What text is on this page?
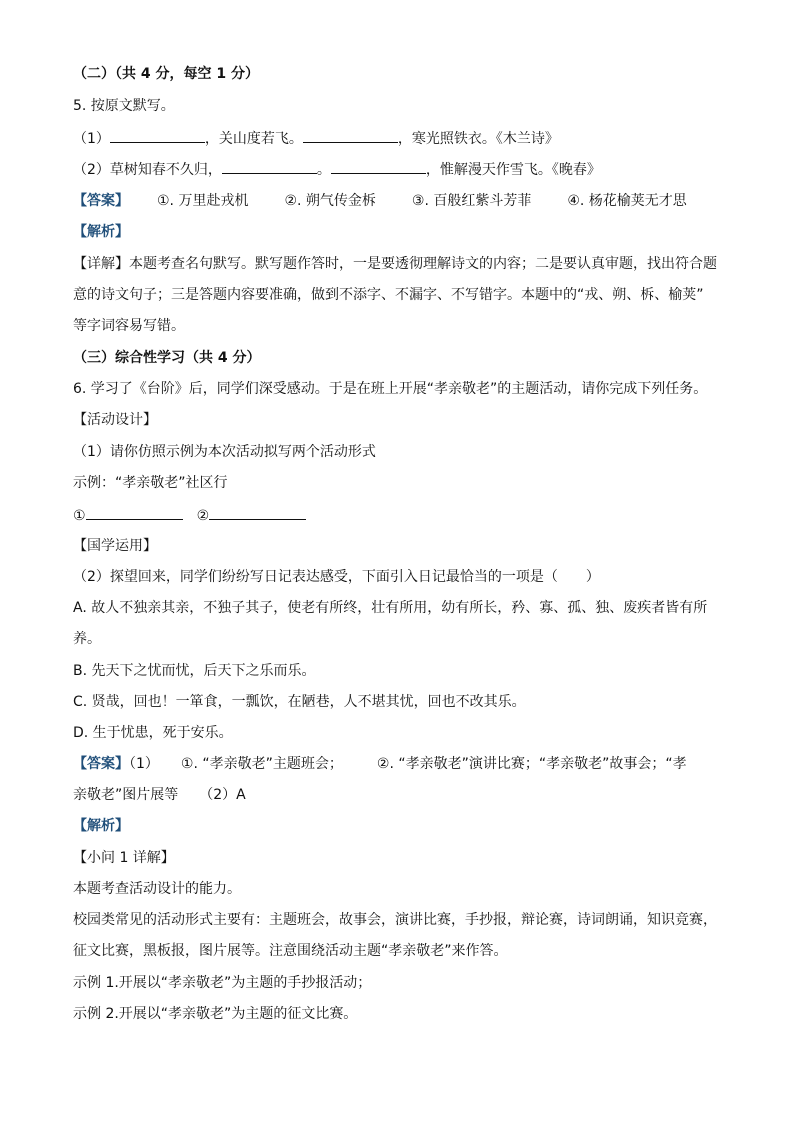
（二）（共 4 分，每空 1 分）
5. 按原文默写。
（1）	，关山度若飞。	，寒光照铁衣。《木兰诗》
（2）草树知春不久归，	。	，惟解漫天作雪飞。《晚春》
【答案】 ①. 万里赴戎机	②. 朔气传金柝	③. 百般红紫斗芳菲	④. 杨花榆荚无才思
【解析】
【详解】本题考查名句默写。默写题作答时，一是要透彻理解诗文的内容；二是要认真审题，找出符合题
意的诗文句子；三是答题内容要准确，做到不添字、不漏字、不写错字。本题中的“戎、朔、柝、榆荚”
等字词容易写错。
（三）综合性学习（共 4 分）
6. 学习了《台阶》后，同学们深受感动。于是在班上开展“孝亲敬老”的主题活动，请你完成下列任务。
【活动设计】
（1）请你仿照示例为本次活动拟写两个活动形式
示例：“孝亲敬老”社区行
①	②
【国学运用】
（2）探望回来，同学们纷纷写日记表达感受，下面引入日记最恰当的一项是（　　）
A. 故人不独亲其亲，不独子其子，使老有所终，壮有所用，幼有所长，矜、寡、孤、独、废疾者皆有所
养。
B. 先天下之忧而忧，后天下之乐而乐。
C. 贤哉，回也！一箪食，一瓢饮，在陋巷，人不堪其忧，回也不改其乐。
D. 生于忧患，死于安乐。
【答案】（1） ①. “孝亲敬老”主题班会； ②. “孝亲敬老”演讲比赛；“孝亲敬老”故事会；“孝
亲敬老”图片展等　　（2）A
【解析】
【小问 1 详解】
本题考查活动设计的能力。
校园类常见的活动形式主要有：主题班会，故事会，演讲比赛，手抄报，辩论赛，诗词朗诵，知识竞赛，
征文比赛，黑板报，图片展等。注意围绕活动主题“孝亲敬老”来作答。
示例 1.开展以“孝亲敬老”为主题的手抄报活动；
示例 2.开展以“孝亲敬老”为主题的征文比赛。
